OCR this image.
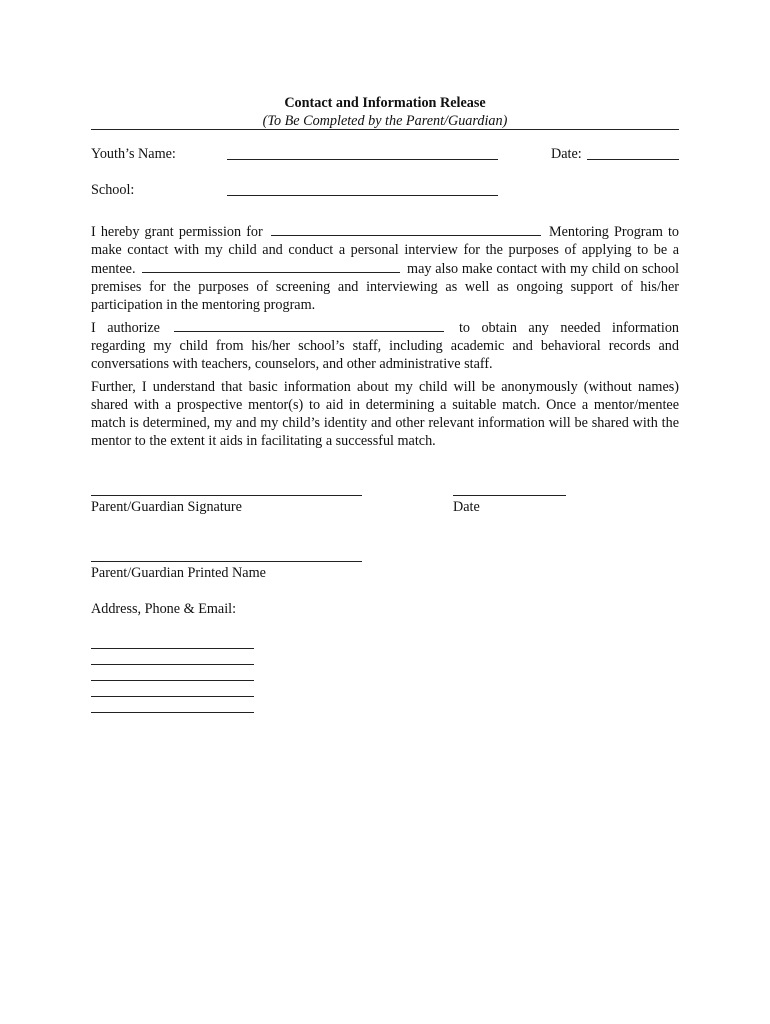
Contact and Information Release

(To Be Completed by the Parent/Guardian)

Youth’s Name:	Date:

School:

I hereby grant permission for	Mentoring Program to make contact with my child and conduct a personal interview for the purposes of applying to be a mentee.	may also make contact with my child on school premises for the purposes of screening and interviewing as well as ongoing support of his/her participation in the mentoring program.

I authorize	to obtain any needed information regarding my child from his/her school’s staff, including academic and behavioral records and conversations with teachers, counselors, and other administrative staff.

Further, I understand that basic information about my child will be anonymously (without names) shared with a prospective mentor(s) to aid in determining a suitable match. Once a mentor/mentee match is determined, my and my child’s identity and other relevant information will be shared with the mentor to the extent it aids in facilitating a successful match.

Parent/Guardian Signature	Date

Parent/Guardian Printed Name

Address, Phone & Email:
